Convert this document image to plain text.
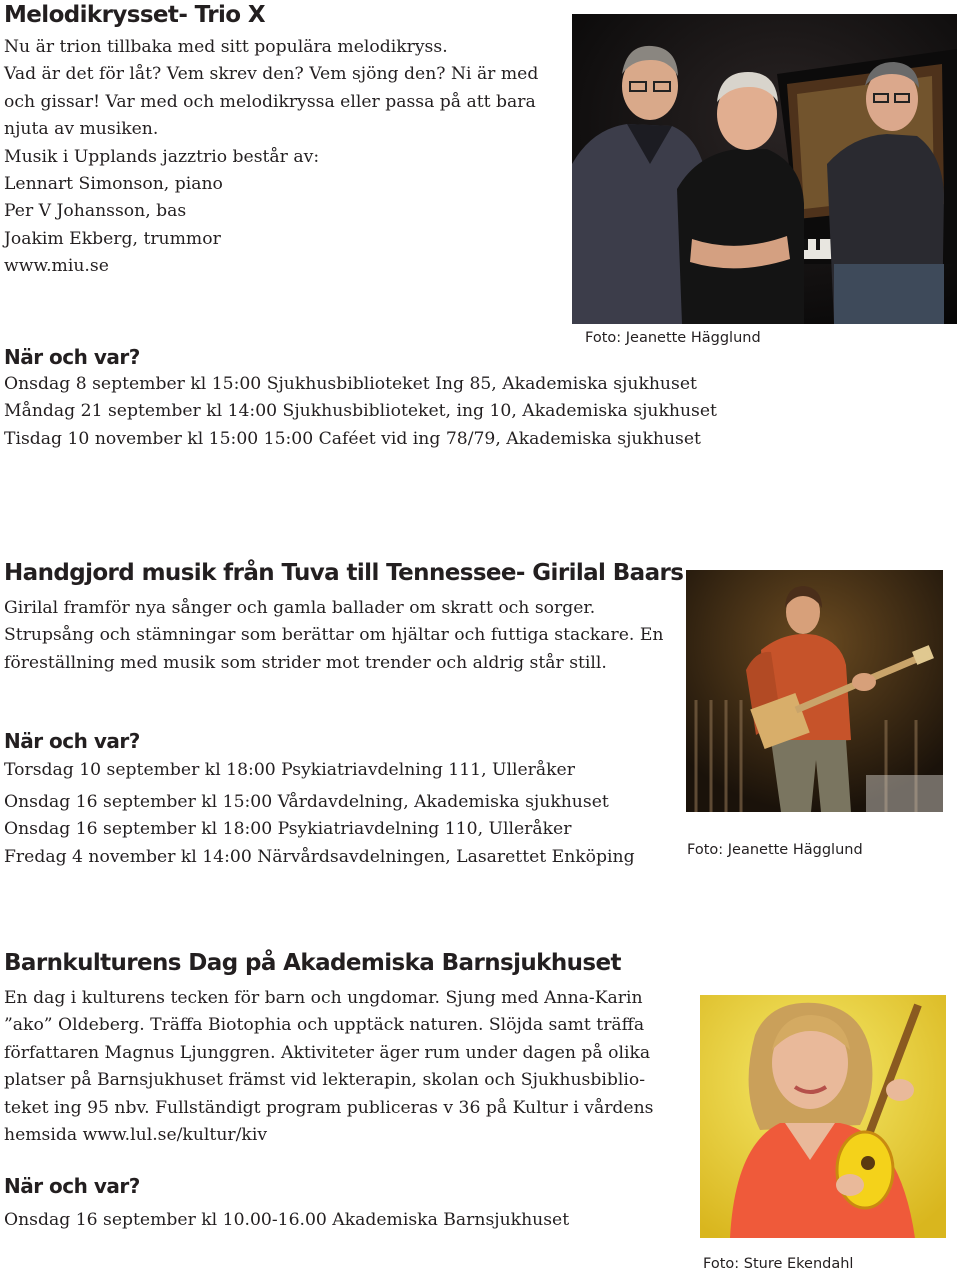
Melodikrysset- Trio X
Nu är trion tillbaka med sitt populära melodikryss.
Vad är det för låt? Vem skrev den? Vem sjöng den? Ni är med
och gissar! Var med och melodikryssa eller passa på att bara
njuta av musiken.
Musik i Upplands jazztrio består av:
Lennart Simonson, piano
Per V Johansson, bas
Joakim Ekberg, trummor
www.miu.se
Foto: Jeanette Hägglund
När och var?
Onsdag 8 september kl 15:00 Sjukhusbiblioteket Ing 85, Akademiska sjukhuset
Måndag 21 september kl 14:00 Sjukhusbiblioteket, ing 10, Akademiska sjukhuset
Tisdag 10 november kl 15:00 15:00 Caféet vid ing 78/79, Akademiska sjukhuset
Handgjord musik från Tuva till Tennessee- Girilal Baars
Girilal framför nya sånger och gamla ballader om skratt och sorger.
Strupsång och stämningar som berättar om hjältar och futtiga stackare. En
föreställning med musik som strider mot trender och aldrig står still.
När och var?
Torsdag 10 september kl 18:00 Psykiatriavdelning 111, Ulleråker
Onsdag 16 september kl 15:00 Vårdavdelning, Akademiska sjukhuset
Onsdag 16 september kl 18:00 Psykiatriavdelning 110, Ulleråker
Fredag 4 november kl 14:00 Närvårdsavdelningen, Lasarettet Enköping	Foto: Jeanette Hägglund
Barnkulturens Dag på Akademiska Barnsjukhuset
En dag i kulturens tecken för barn och ungdomar. Sjung med Anna-Karin
”ako” Oldeberg. Träffa Biotophia och upptäck naturen. Slöjda samt träffa
författaren Magnus Ljunggren. Aktiviteter äger rum under dagen på olika
platser på Barnsjukhuset främst vid lekterapin, skolan och Sjukhusbiblio-
teket ing 95 nbv. Fullständigt program publiceras v 36 på Kultur i vårdens
hemsida www.lul.se/kultur/kiv
När och var?
Onsdag 16 september kl 10.00-16.00 Akademiska Barnsjukhuset
Foto: Sture Ekendahl
